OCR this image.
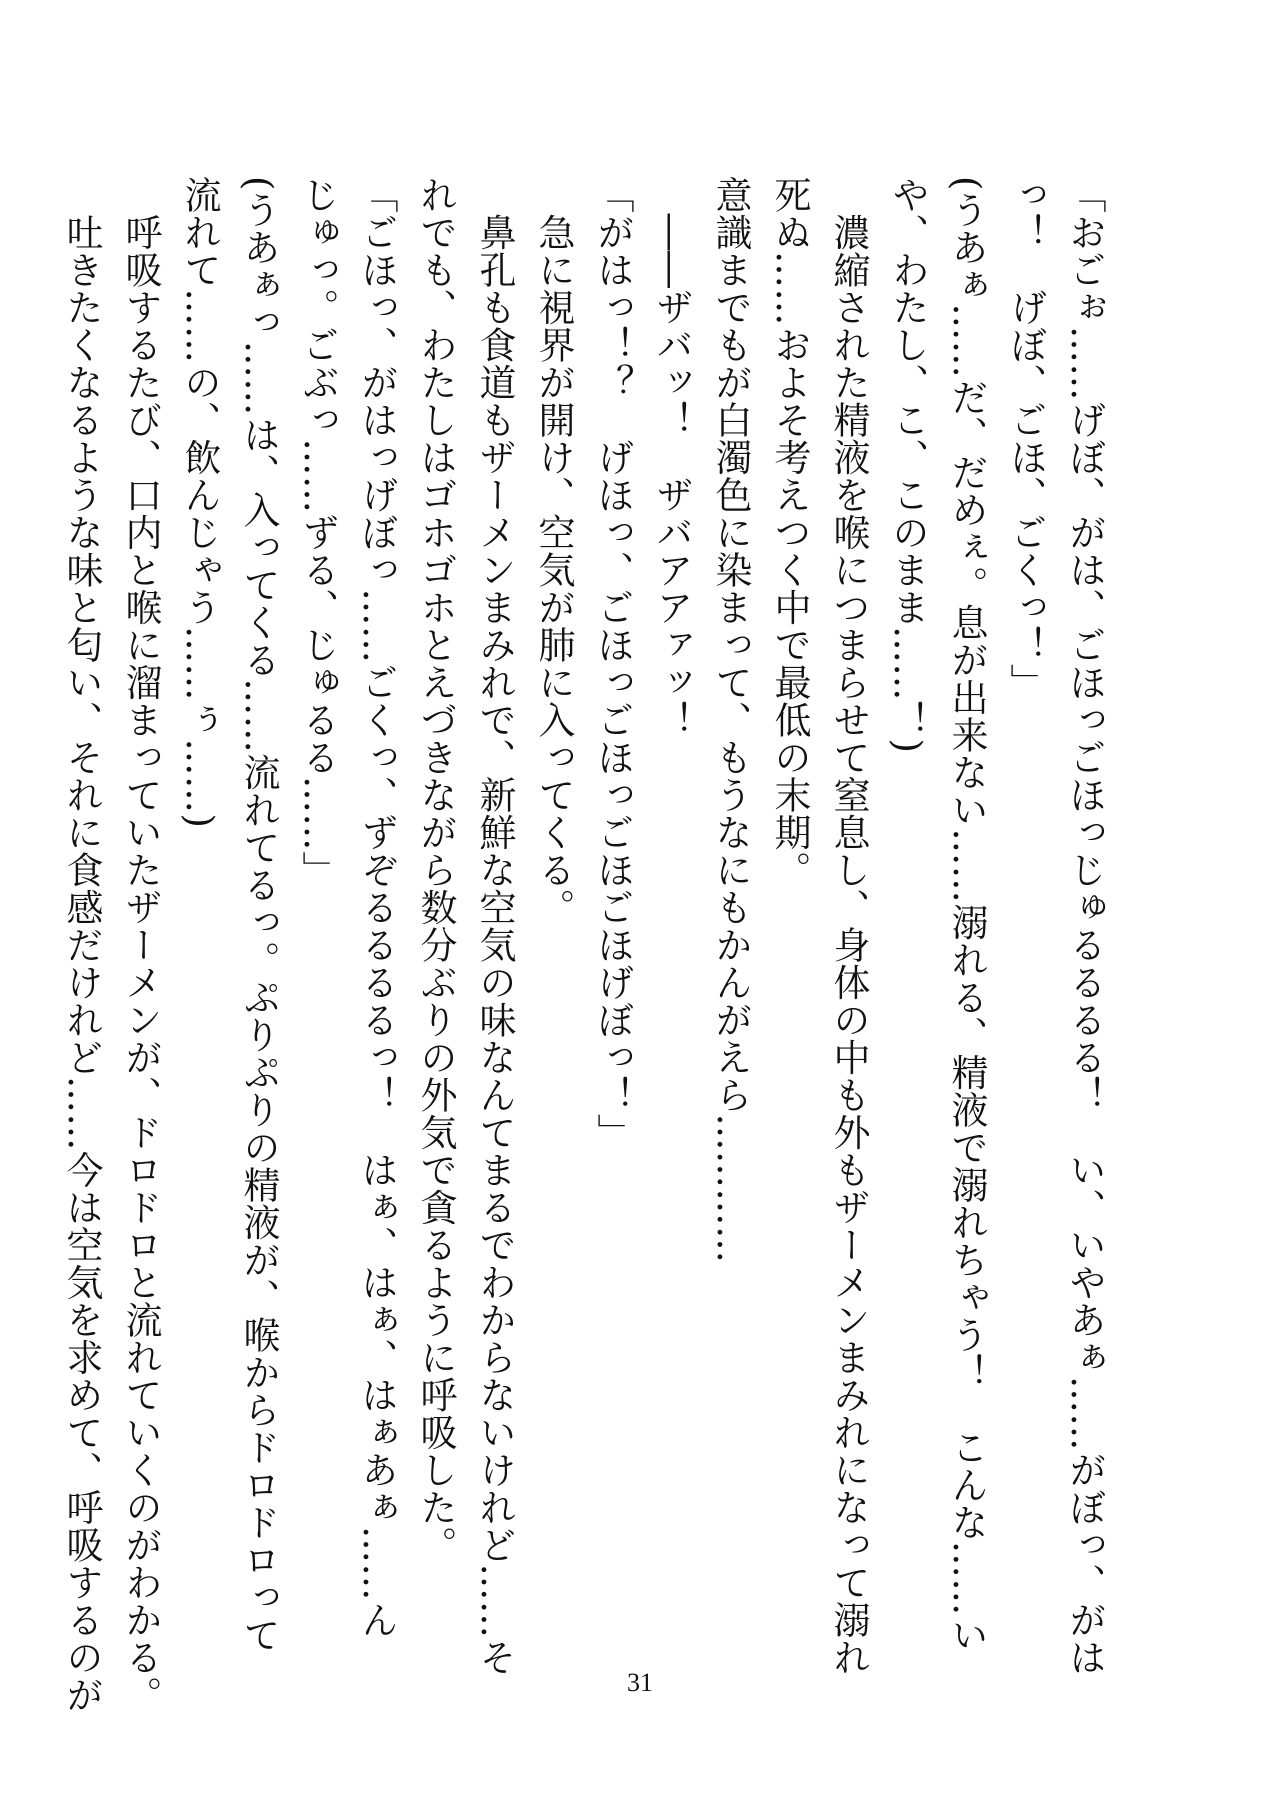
「おごぉ……げぼ、がは、ごほっごほっじゅるるるる！　い、いやあぁ……がぼっ、がは
っ！　げぼ、ごほ、ごくっ！」
(うあぁ……だ、だめぇ。息が出来ない……溺れる、精液で溺れちゃう！　こんな……い
や、わたし、こ、このまま……！)
　濃縮された精液を喉につまらせて窒息し、身体の中も外もザーメンまみれになって溺れ
死ぬ……およそ考えつく中で最低の末期。
意識までもが白濁色に染まって、もうなにもかんがえら…………
　――ザバッ！　ザバアアァッ！
「がはっ！？　げほっ、ごほっごほっごほごほげぼっ！」
　急に視界が開け、空気が肺に入ってくる。
　鼻孔も食道もザーメンまみれで、新鮮な空気の味なんてまるでわからないけれど……そ
れでも、わたしはゴホゴホとえづきながら数分ぶりの外気で貪るように呼吸した。
「ごほっ、がはっげぼっ……ごくっ、ずぞるるるるっ！　はぁ、はぁ、はぁあぁ……ん
じゅっ。ごぶっ……ずる、じゅるる……」
(うあぁっ……は、入ってくる……流れてるっ。ぷりぷりの精液が、喉からドロドロって
流れて……の、飲んじゃう……ぅ……)
　呼吸するたび、口内と喉に溜まっていたザーメンが、ドロドロと流れていくのがわかる。
　吐きたくなるような味と匂い、それに食感だけれど……今は空気を求めて、呼吸するのが	31
